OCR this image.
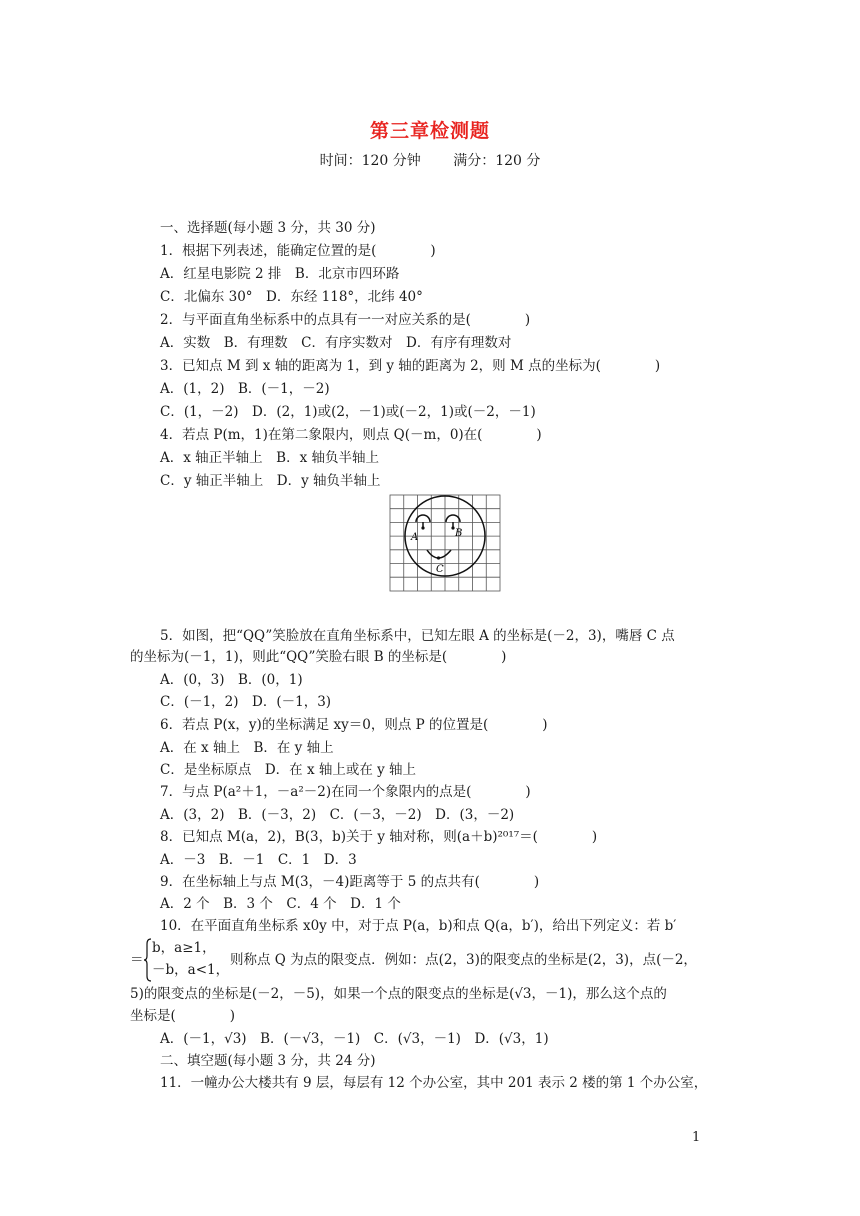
第三章检测题
时间：120 分钟 满分：120 分
一、选择题(每小题 3 分，共 30 分)
1．根据下列表述，能确定位置的是(　　　　)
A．红星电影院 2 排　B．北京市四环路
C．北偏东 30°　D．东经 118°，北纬 40°
2．与平面直角坐标系中的点具有一一对应关系的是(　　　　)
A．实数　B．有理数　C．有序实数对　D．有序有理数对
3．已知点 M 到 x 轴的距离为 1，到 y 轴的距离为 2，则 M 点的坐标为(　　　　)
A．(1，2)　B．(－1，－2)
C．(1，－2)　D．(2，1)或(2，－1)或(－2，1)或(－2，－1)
4．若点 P(m，1)在第二象限内，则点 Q(－m，0)在(　　　　)
A．x 轴正半轴上　B．x 轴负半轴上
C．y 轴正半轴上　D．y 轴负半轴上
A	B
C
5．如图，把“QQ”笑脸放在直角坐标系中，已知左眼 A 的坐标是(－2，3)，嘴唇 C 点
的坐标为(－1，1)，则此“QQ”笑脸右眼 B 的坐标是(　　　　)
A．(0，3)　B．(0，1)
C．(－1，2)　D．(－1，3)
6．若点 P(x，y)的坐标满足 xy＝0，则点 P 的位置是(　　　　)
A．在 x 轴上　B．在 y 轴上
C．是坐标原点　D．在 x 轴上或在 y 轴上
7．与点 P(a²＋1，－a²－2)在同一个象限内的点是(　　　　)
A．(3，2)　B．(－3，2)　C．(－3，－2)　D．(3，－2)
8．已知点 M(a，2)，B(3，b)关于 y 轴对称，则(a＋b)²⁰¹⁷＝(　　　　)
A．－3　B．－1　C．1　D．3
9．在坐标轴上与点 M(3，－4)距离等于 5 的点共有(　　　　)
A．2 个　B．3 个　C．4 个　D．1 个
10．在平面直角坐标系 x0y 中，对于点 P(a，b)和点 Q(a，b′)，给出下列定义：若 b′
＝
b，a≥1，
－b，a<1，
则称点 Q 为点的限变点．例如：点(2，3)的限变点的坐标是(2，3)，点(－2，
5)的限变点的坐标是(－2，－5)，如果一个点的限变点的坐标是(√3，－1)，那么这个点的
坐标是(　　　　)
A．(－1，√3)　B．(－√3，－1)　C．(√3，－1)　D．(√3，1)
二、填空题(每小题 3 分，共 24 分)
11．一幢办公大楼共有 9 层，每层有 12 个办公室，其中 201 表示 2 楼的第 1 个办公室，
1
